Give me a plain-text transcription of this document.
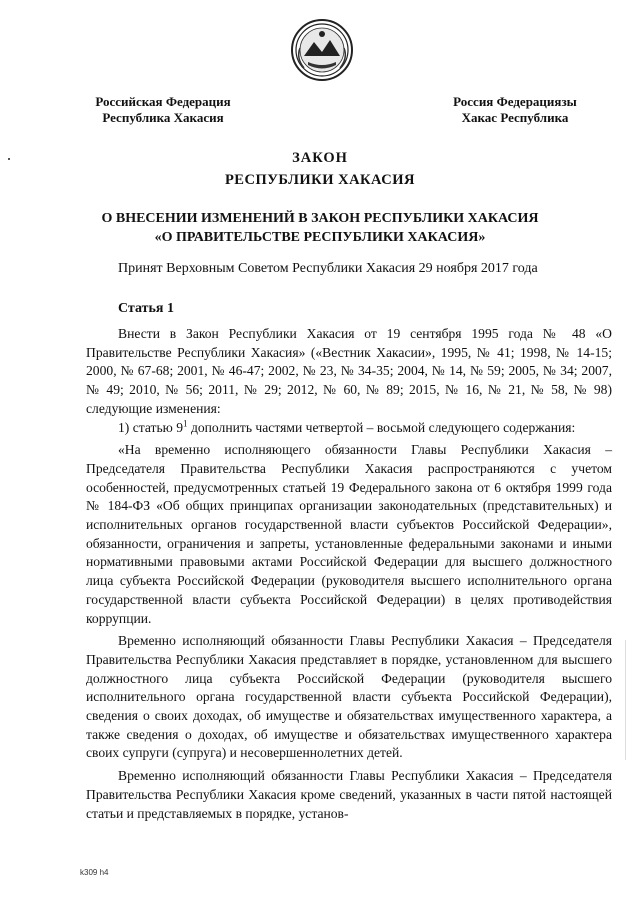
Российская Федерация
Республика Хакасия
Россия Федерациязы
Хакас Республика
ЗАКОН
РЕСПУБЛИКИ ХАКАСИЯ
О ВНЕСЕНИИ ИЗМЕНЕНИЙ В ЗАКОН РЕСПУБЛИКИ ХАКАСИЯ
«О ПРАВИТЕЛЬСТВЕ РЕСПУБЛИКИ ХАКАСИЯ»
Принят Верховным Советом Республики Хакасия 29 ноября 2017 года
Статья 1

Внести в Закон Республики Хакасия от 19 сентября 1995 года № 48 «О Правительстве Республики Хакасия» («Вестник Хакасии», 1995, № 41; 1998, № 14-15; 2000, № 67-68; 2001, № 46-47; 2002, № 23, № 34-35; 2004, № 14, № 59; 2005, № 34; 2007, № 49; 2010, № 56; 2011, № 29; 2012, № 60, № 89; 2015, № 16, № 21, № 58, № 98) следующие изменения:

1) статью $9^1$ дополнить частями четвертой – восьмой следующего содержания:

«На временно исполняющего обязанности Главы Республики Хакасия – Председателя Правительства Республики Хакасия распространяются с учетом особенностей, предусмотренных статьей 19 Федерального закона от 6 октября 1999 года № 184-ФЗ «Об общих принципах организации законодательных (представительных) и исполнительных органов государственной власти субъектов Российской Федерации», обязанности, ограничения и запреты, установленные федеральными законами и иными нормативными правовыми актами Российской Федерации для высшего должностного лица субъекта Российской Федерации (руководителя высшего исполнительного органа государственной власти субъекта Российской Федерации) в целях противодействия коррупции.

Временно исполняющий обязанности Главы Республики Хакасия – Председателя Правительства Республики Хакасия представляет в порядке, установленном для высшего должностного лица субъекта Российской Федерации (руководителя высшего исполнительного органа государственной власти субъекта Российской Федерации), сведения о своих доходах, об имуществе и обязательствах имущественного характера, а также сведения о доходах, об имуществе и обязательствах имущественного характера своих супруги (супруга) и несовершеннолетних детей.

Временно исполняющий обязанности Главы Республики Хакасия – Председателя Правительства Республики Хакасия кроме сведений, указанных в части пятой настоящей статьи и представляемых в порядке, установ-

k309 h4
